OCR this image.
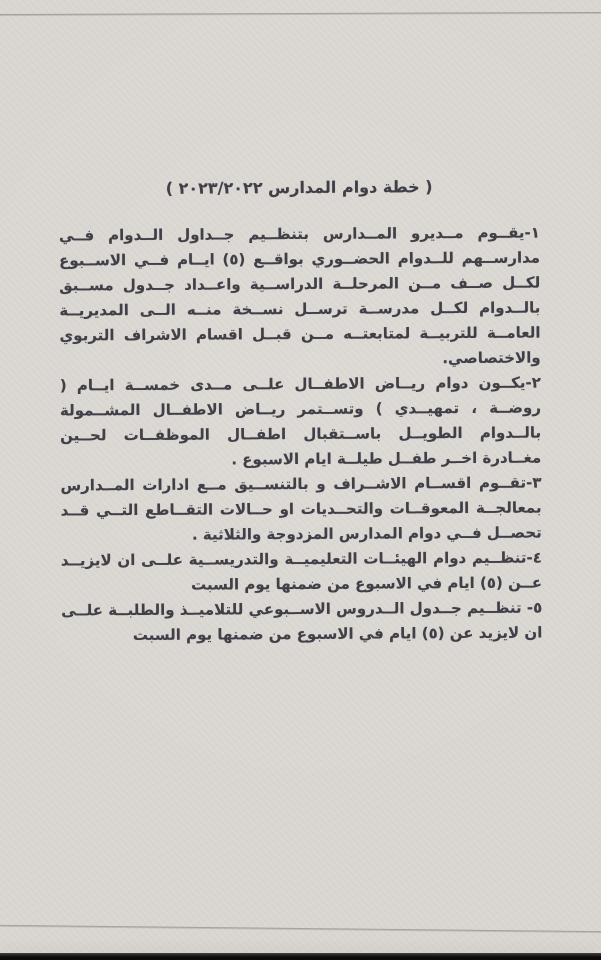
( خطة دوام المدارس ٢٠٢٣/٢٠٢٢ )

١-يقــوم مــديرو المــدارس بتنظــيم جــداول الــدوام فــي مدارســهم للــدوام الحضــوري بواقــع (٥) ايــام فــي الاســبوع لكــل صــف مــن المرحلــة الدراســية واعــداد جــدول مســبق بالــدوام لكــل مدرســة ترســل نســخة منــه الــى المديريــة العامــة للتربيــة لمتابعتــه مــن قبــل اقسام الاشراف التربوي والاختصاصي.

٢-يكــون دوام ريــاض الاطفــال علــى مــدى خمســة ايــام ( روضــة ، تمهيــدي ) وتســتمر ريــاض الاطفــال المشــمولة بالــدوام الطويــل باســتقبال اطفــال الموظفــات لحــين مغــادرة اخــر طفــل طيلــة ايام الاسبوع .

٣-تقــوم اقســام الاشــراف و بالتنســيق مــع ادارات المــدارس بمعالجــة المعوقــات والتحــديات او حــالات التقــاطع التــي قــد تحصــل فــي دوام المدارس المزدوجة والثلاثية .

٤-تنظــيم دوام الهيئــات التعليميــة والتدريســية علــى ان لايزيــد عــن (٥) ايام في الاسبوع من ضمنها يوم السبت

٥- تنظــيم جــدول الــدروس الاســبوعي للتلاميــذ والطلبــة علــى ان لايزيد عن (٥) ايام في الاسبوع من ضمنها يوم السبت
